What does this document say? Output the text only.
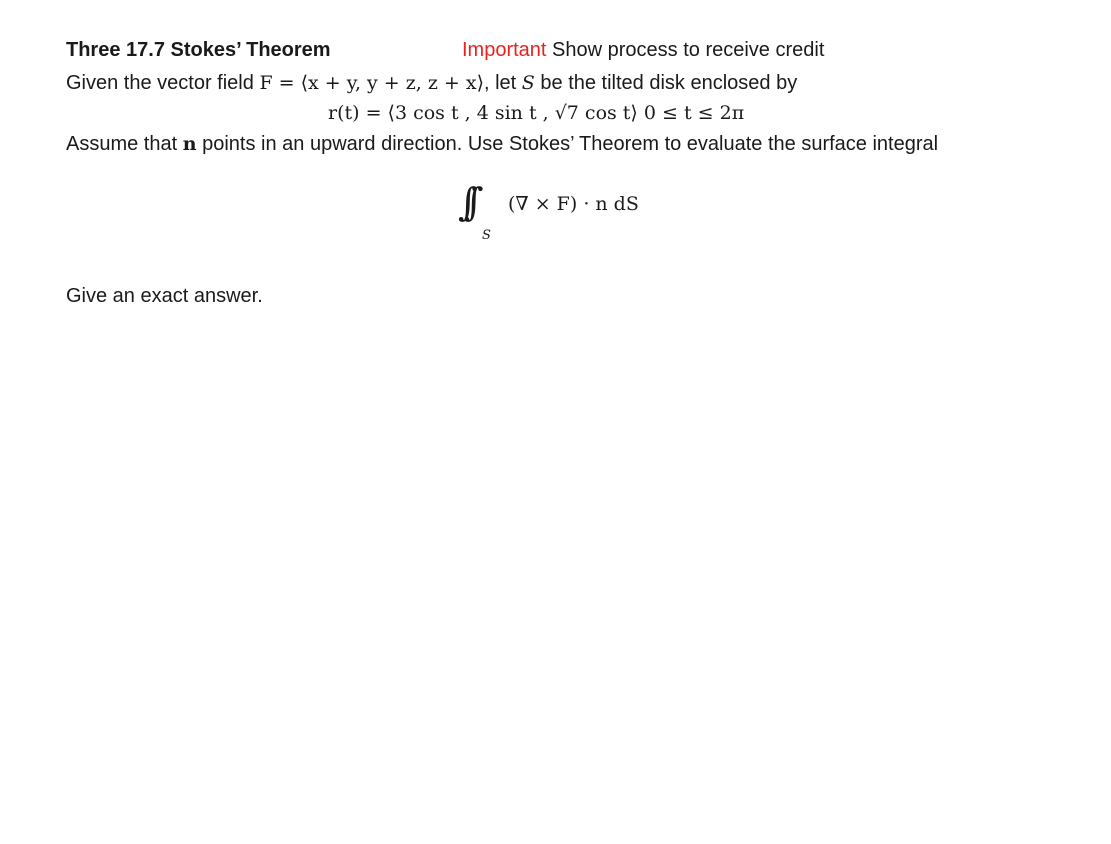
Three 17.7 Stokes’ Theorem	Important Show process to receive credit
Given the vector field F = ⟨x + y, y + z, z + x⟩, let S be the tilted disk enclosed by
r(t) = ⟨3 cos t , 4 sin t , √7 cos t⟩ 0 ≤ t ≤ 2π
Assume that n points in an upward direction. Use Stokes’ Theorem to evaluate the surface integral
∫∫
S
(∇ × F) · n dS
Give an exact answer.
